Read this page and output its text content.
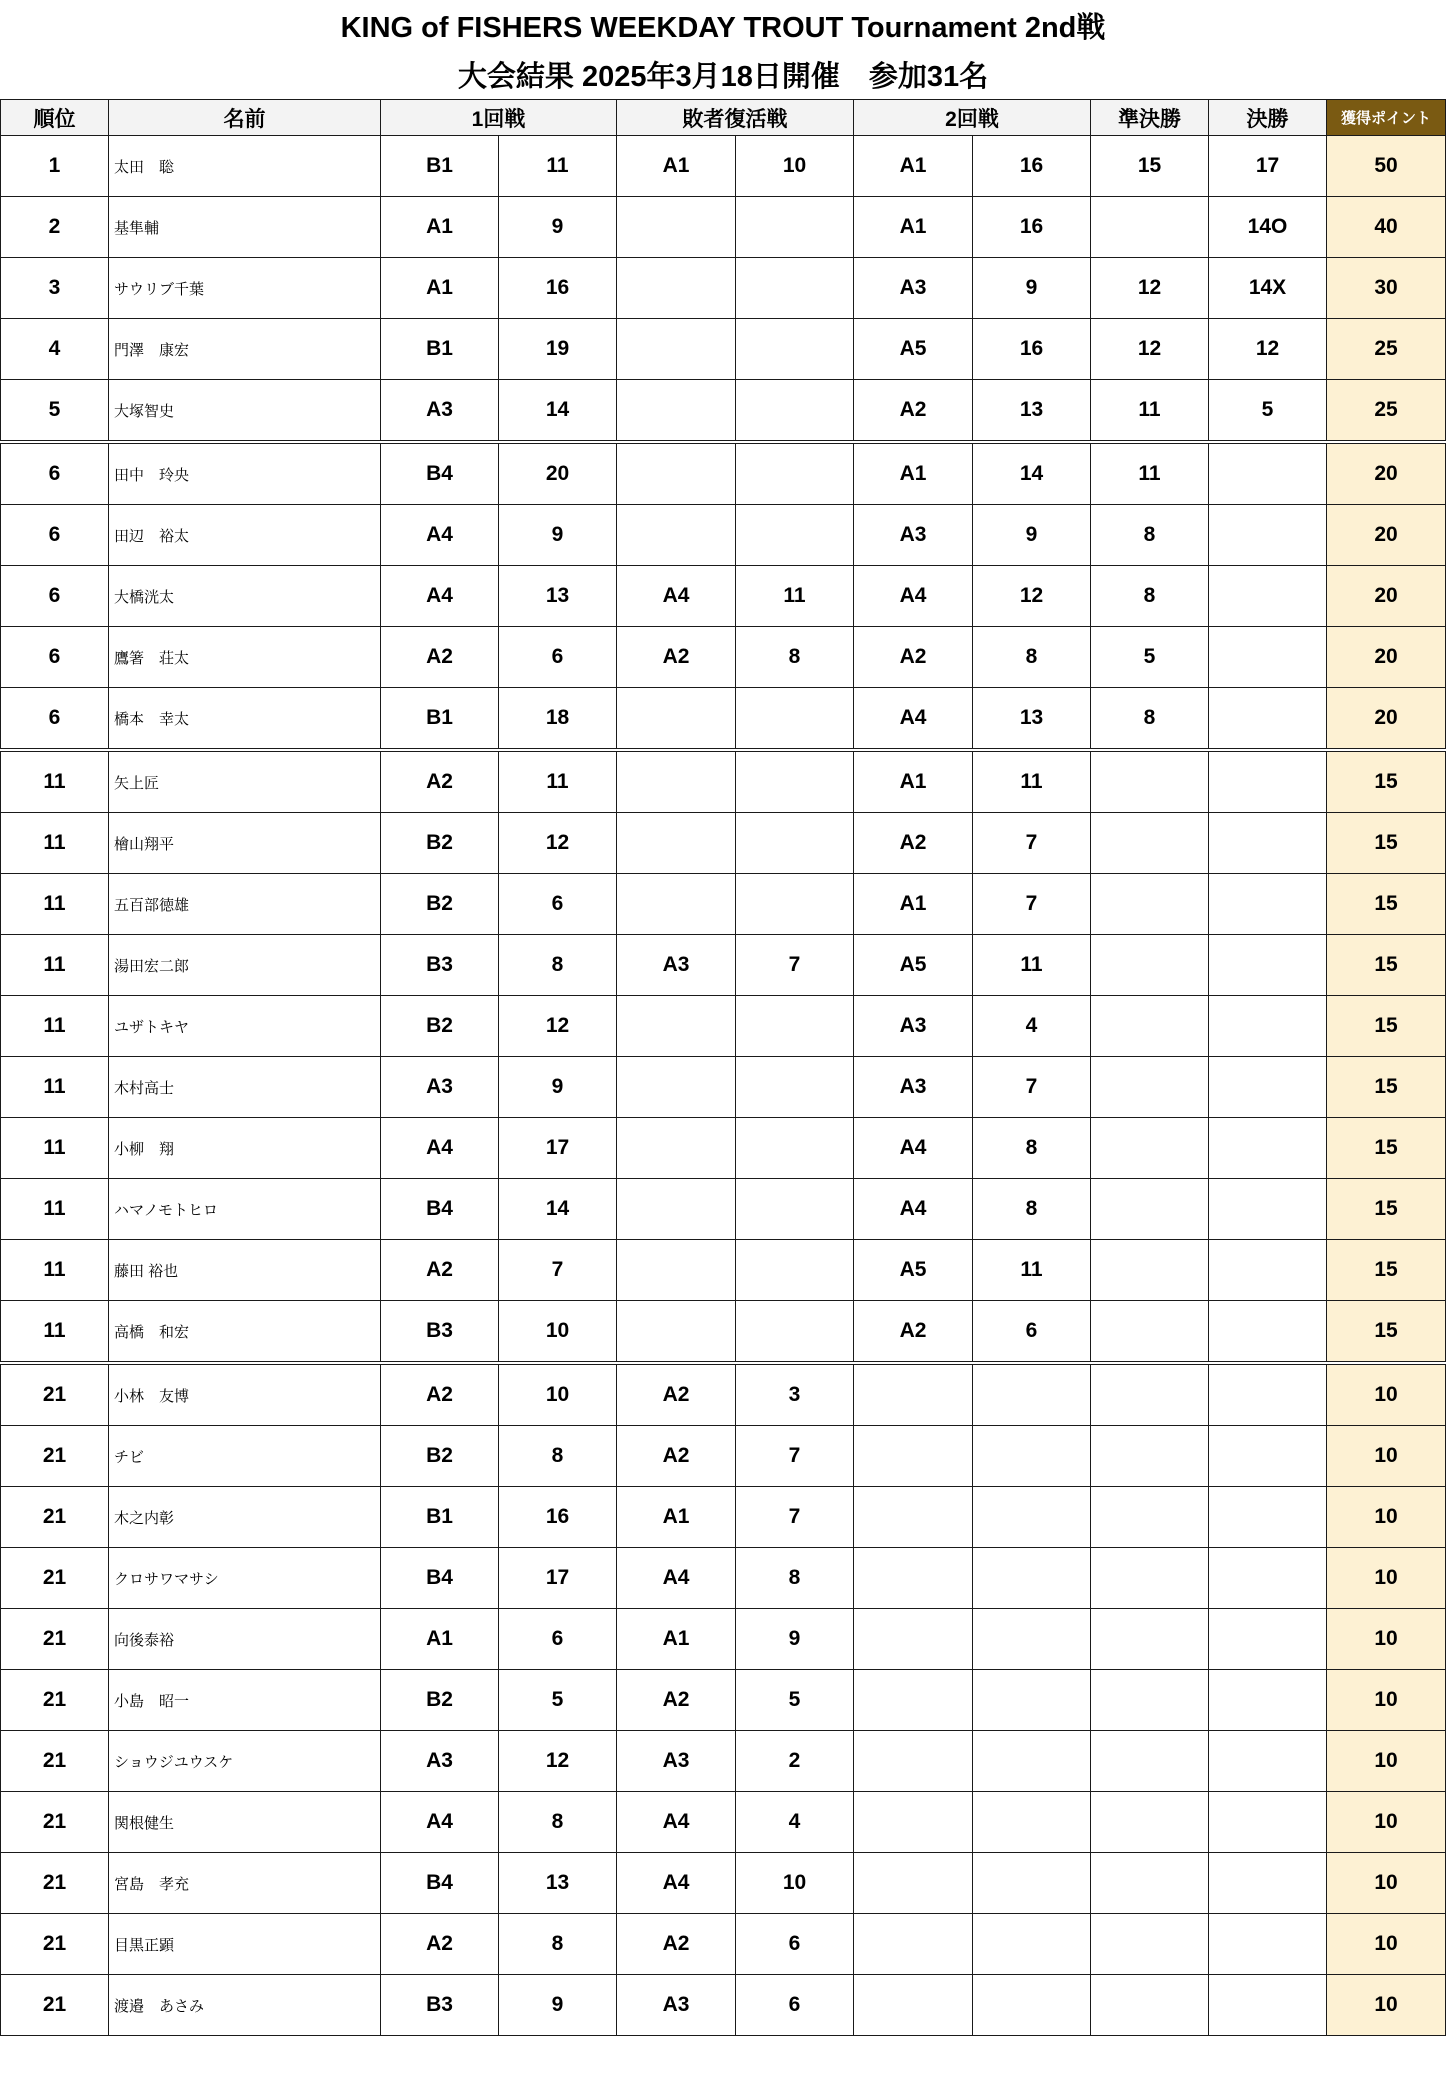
KING of FISHERS WEEKDAY TROUT Tournament 2nd戦
大会結果 2025年3月18日開催　参加31名
順位	名前	1回戦		敗者復活戦		2回戦		準決勝	決勝	獲得ポイント
1	太田　聡	B1	11	A1	10	A1	16	15	17	50
2	基隼輔	A1	9			A1	16		14O	40
3	サウリブ千葉	A1	16			A3	9	12	14X	30
4	門澤　康宏	B1	19			A5	16	12	12	25
5	大塚智史	A3	14			A2	13	11	5	25
6	田中　玲央	B4	20			A1	14	11		20
6	田辺　裕太	A4	9			A3	9	8		20
6	大橋洸太	A4	13	A4	11	A4	12	8		20
6	鷹箸　荘太	A2	6	A2	8	A2	8	5		20
6	橋本　幸太	B1	18			A4	13	8		20
11	矢上匠	A2	11			A1	11			15
11	檜山翔平	B2	12			A2	7			15
11	五百部徳雄	B2	6			A1	7			15
11	湯田宏二郎	B3	8	A3	7	A5	11			15
11	ユザトキヤ	B2	12			A3	4			15
11	木村高士	A3	9			A3	7			15
11	小柳　翔	A4	17			A4	8			15
11	ハマノモトヒロ	B4	14			A4	8			15
11	藤田 裕也	A2	7			A5	11			15
11	高橋　和宏	B3	10			A2	6			15
21	小林　友博	A2	10	A2	3					10
21	チビ	B2	8	A2	7					10
21	木之内彰	B1	16	A1	7					10
21	クロサワマサシ	B4	17	A4	8					10
21	向後泰裕	A1	6	A1	9					10
21	小島　昭一	B2	5	A2	5					10
21	ショウジユウスケ	A3	12	A3	2					10
21	関根健生	A4	8	A4	4					10
21	宮島　孝充	B4	13	A4	10					10
21	目黒正顕	A2	8	A2	6					10
21	渡邉　あさみ	B3	9	A3	6					10
